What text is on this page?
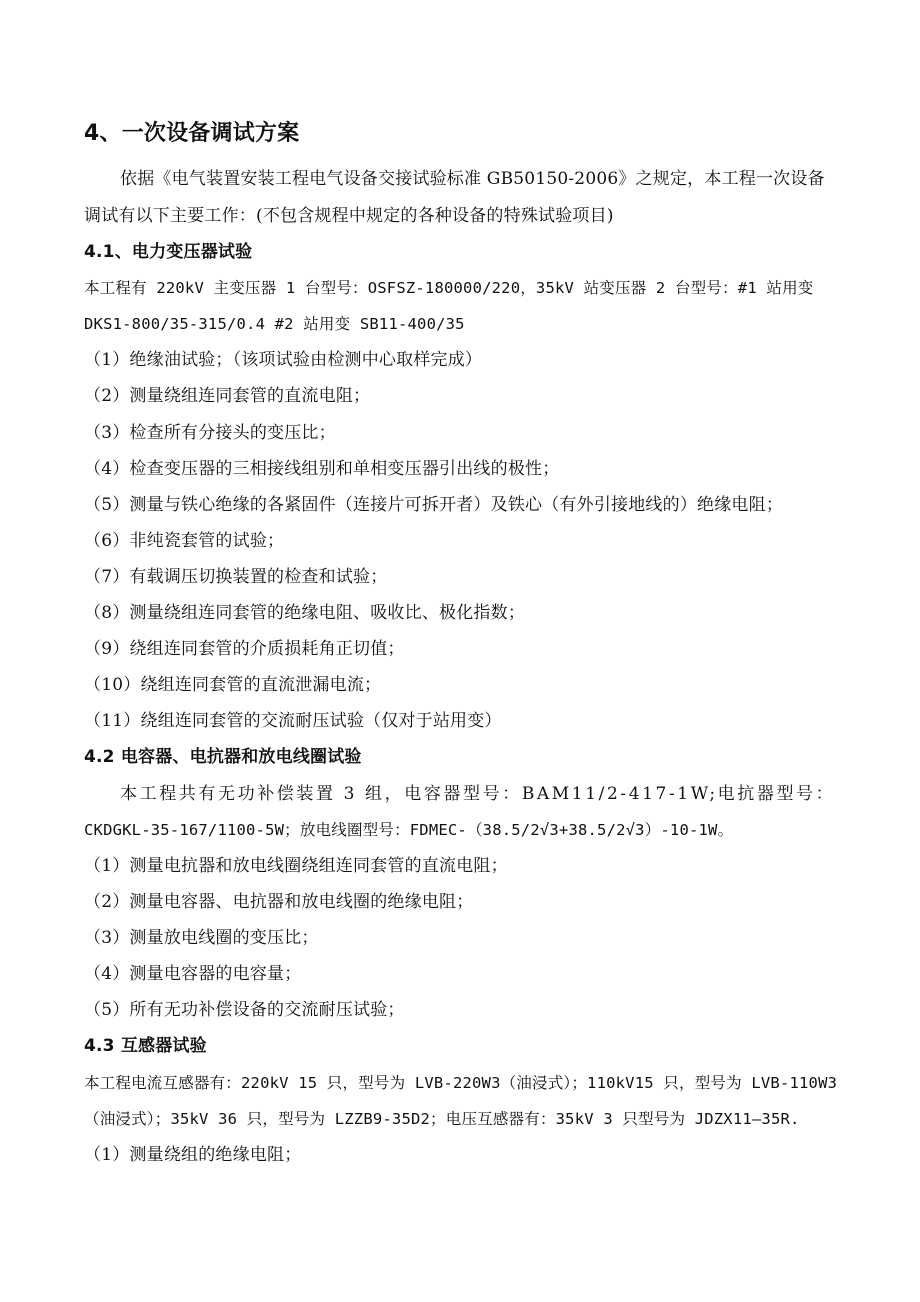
4、一次设备调试方案
依据《电气装置安装工程电气设备交接试验标准 GB50150-2006》之规定，本工程一次设备
调试有以下主要工作：(不包含规程中规定的各种设备的特殊试验项目)
4.1、电力变压器试验
本工程有 220kV 主变压器 1 台型号：OSFSZ-180000/220，35kV 站变压器 2 台型号：#1 站用变
DKS1-800/35-315/0.4 #2 站用变 SB11-400/35
（1）绝缘油试验；（该项试验由检测中心取样完成）
（2）测量绕组连同套管的直流电阻；
（3）检查所有分接头的变压比；
（4）检查变压器的三相接线组别和单相变压器引出线的极性；
（5）测量与铁心绝缘的各紧固件（连接片可拆开者）及铁心（有外引接地线的）绝缘电阻；
（6）非纯瓷套管的试验；
（7）有载调压切换装置的检查和试验；
（8）测量绕组连同套管的绝缘电阻、吸收比、极化指数；
（9）绕组连同套管的介质损耗角正切值；
（10）绕组连同套管的直流泄漏电流；
（11）绕组连同套管的交流耐压试验（仅对于站用变）
4.2 电容器、电抗器和放电线圈试验
本工程共有无功补偿装置 3 组，电容器型号：BAM11/2-417-1W;电抗器型号：
CKDGKL-35-167/1100-5W；放电线圈型号：FDMEC-（38.5/2√3+38.5/2√3）-10-1W。
（1）测量电抗器和放电线圈绕组连同套管的直流电阻；
（2）测量电容器、电抗器和放电线圈的绝缘电阻；
（3）测量放电线圈的变压比；
（4）测量电容器的电容量；
（5）所有无功补偿设备的交流耐压试验；
4.3 互感器试验
本工程电流互感器有：220kV 15 只，型号为 LVB-220W3（油浸式）；110kV15 只，型号为 LVB-110W3
（油浸式）；35kV 36 只，型号为 LZZB9-35D2；电压互感器有：35kV 3 只型号为 JDZX11—35R.
（1）测量绕组的绝缘电阻；
